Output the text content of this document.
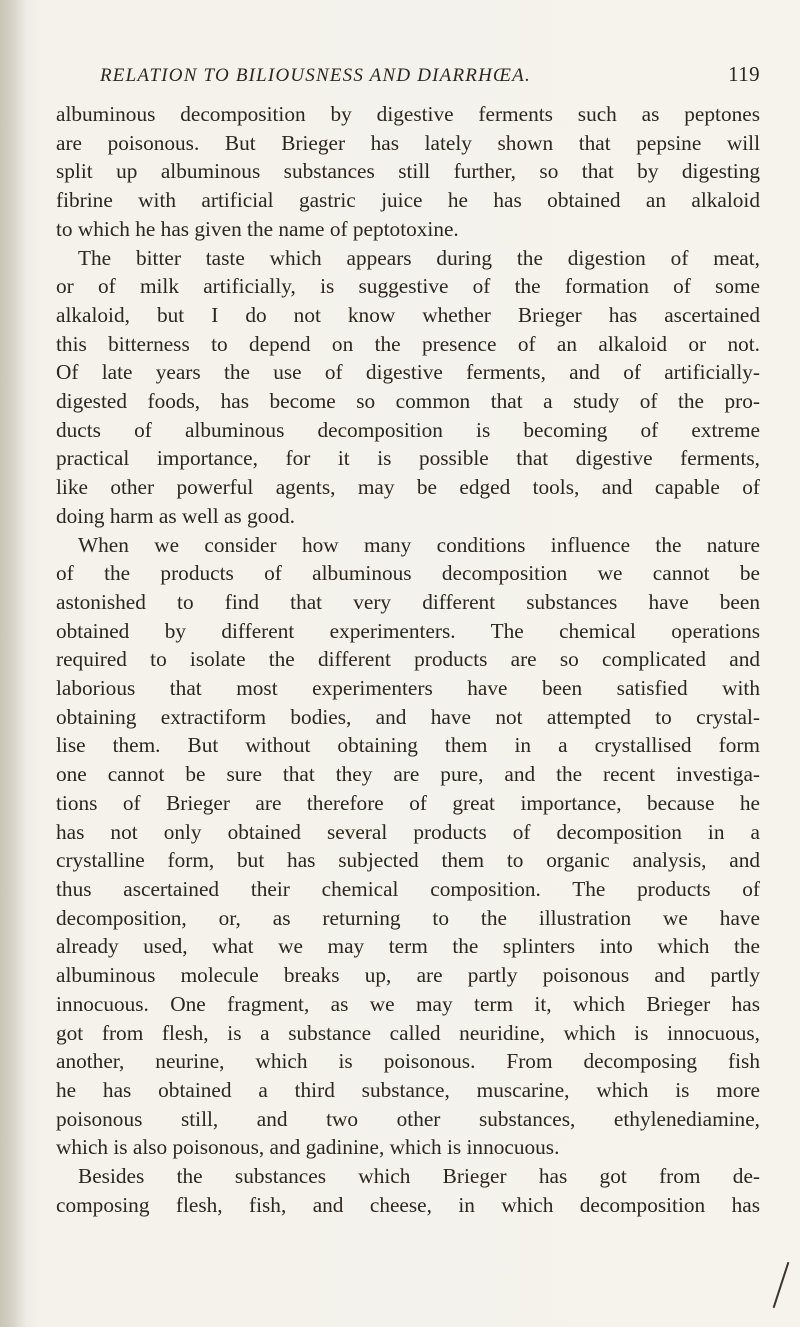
RELATION TO BILIOUSNESS AND DIARRHŒA.	119
albuminous decomposition by digestive ferments such as peptones
are poisonous. But Brieger has lately shown that pepsine will
split up albuminous substances still further, so that by digesting
fibrine with artificial gastric juice he has obtained an alkaloid
to which he has given the name of peptotoxine.
The bitter taste which appears during the digestion of meat,
or of milk artificially, is suggestive of the formation of some
alkaloid, but I do not know whether Brieger has ascertained
this bitterness to depend on the presence of an alkaloid or not.
Of late years the use of digestive ferments, and of artificially-
digested foods, has become so common that a study of the pro-
ducts of albuminous decomposition is becoming of extreme
practical importance, for it is possible that digestive ferments,
like other powerful agents, may be edged tools, and capable of
doing harm as well as good.
When we consider how many conditions influence the nature
of the products of albuminous decomposition we cannot be
astonished to find that very different substances have been
obtained by different experimenters. The chemical operations
required to isolate the different products are so complicated and
laborious that most experimenters have been satisfied with
obtaining extractiform bodies, and have not attempted to crystal-
lise them. But without obtaining them in a crystallised form
one cannot be sure that they are pure, and the recent investiga-
tions of Brieger are therefore of great importance, because he
has not only obtained several products of decomposition in a
crystalline form, but has subjected them to organic analysis, and
thus ascertained their chemical composition. The products of
decomposition, or, as returning to the illustration we have
already used, what we may term the splinters into which the
albuminous molecule breaks up, are partly poisonous and partly
innocuous. One fragment, as we may term it, which Brieger has
got from flesh, is a substance called neuridine, which is innocuous,
another, neurine, which is poisonous. From decomposing fish
he has obtained a third substance, muscarine, which is more
poisonous still, and two other substances, ethylenediamine,
which is also poisonous, and gadinine, which is innocuous.
Besides the substances which Brieger has got from de-
composing flesh, fish, and cheese, in which decomposition has
